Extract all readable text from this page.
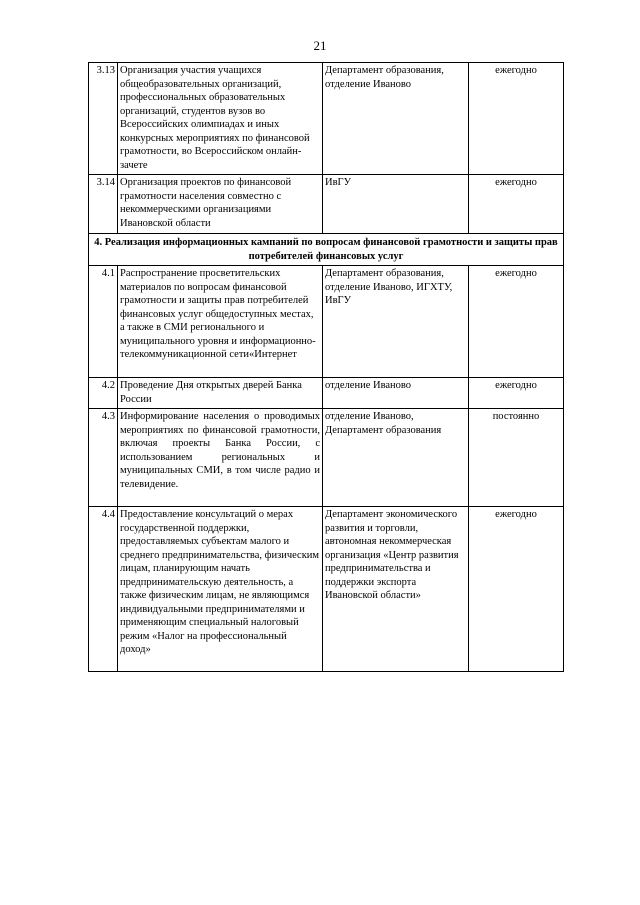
21
3.13	Организация участия учащихся общеобразовательных организаций, профессиональных образовательных организаций, студентов вузов во Всероссийских олимпиадах и иных конкурсных мероприятиях по финансовой грамотности, во Всероссийском онлайн-зачете	Департамент образования, отделение Иваново	ежегодно
3.14	Организация проектов по финансовой грамотности населения совместно с некоммерческими организациями Ивановской области	ИвГУ	ежегодно
4. Реализация информационных кампаний по вопросам финансовой грамотности и защиты прав потребителей финансовых услуг			
4.1	Распространение просветительских материалов по вопросам финансовой грамотности и защиты прав потребителей финансовых услуг общедоступных местах, а также в СМИ регионального и муниципального уровня и информационно-телекоммуникационной сети«Интернет	Департамент образования, отделение Иваново, ИГХТУ, ИвГУ	ежегодно
4.2	Проведение Дня открытых дверей Банка России	отделение Иваново	ежегодно
4.3	Информирование населения о проводимых мероприятиях по финансовой грамотности, включая проекты Банка России, с использованием региональных и муниципальных СМИ, в том числе радио и телевидение.	отделение Иваново, Департамент образования	постоянно
4.4	Предоставление консультаций о мерах государственной поддержки, предоставляемых субъектам малого и среднего предпринимательства, физическим лицам, планирующим начать предпринимательскую деятельность, а также физическим лицам, не являющимся индивидуальными предпринимателями и применяющим специальный налоговый режим «Налог на профессиональный доход»	Департамент экономического развития и торговли, автономная некоммерческая организация «Центр развития предпринимательства и поддержки экспорта Ивановской области»	ежегодно
